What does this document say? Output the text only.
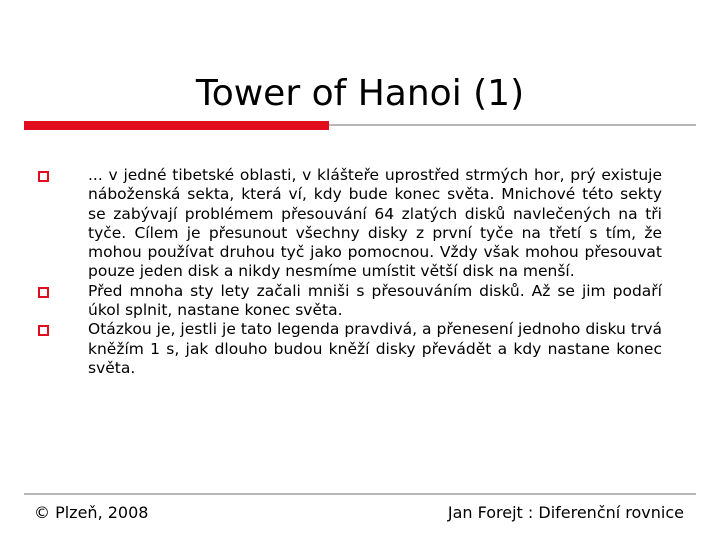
Tower of Hanoi (1)
... v jedné tibetské oblasti, v klášteře uprostřed strmých hor, prý existuje náboženská sekta, která ví, kdy bude konec světa. Mnichové této sekty se zabývají problémem přesouvání 64 zlatých disků navlečených na tři tyče. Cílem je přesunout všechny disky z první tyče na třetí s tím, že mohou používat druhou tyč jako pomocnou. Vždy však mohou přesouvat pouze jeden disk a nikdy nesmíme umístit větší disk na menší.
Před mnoha sty lety začali mniši s přesouváním disků. Až se jim podaří úkol splnit, nastane konec světa.
Otázkou je, jestli je tato legenda pravdivá, a přenesení jednoho disku trvá kněžím 1 s, jak dlouho budou kněží disky převádět a kdy nastane konec světa.
© Plzeň, 2008	Jan Forejt : Diferenční rovnice
